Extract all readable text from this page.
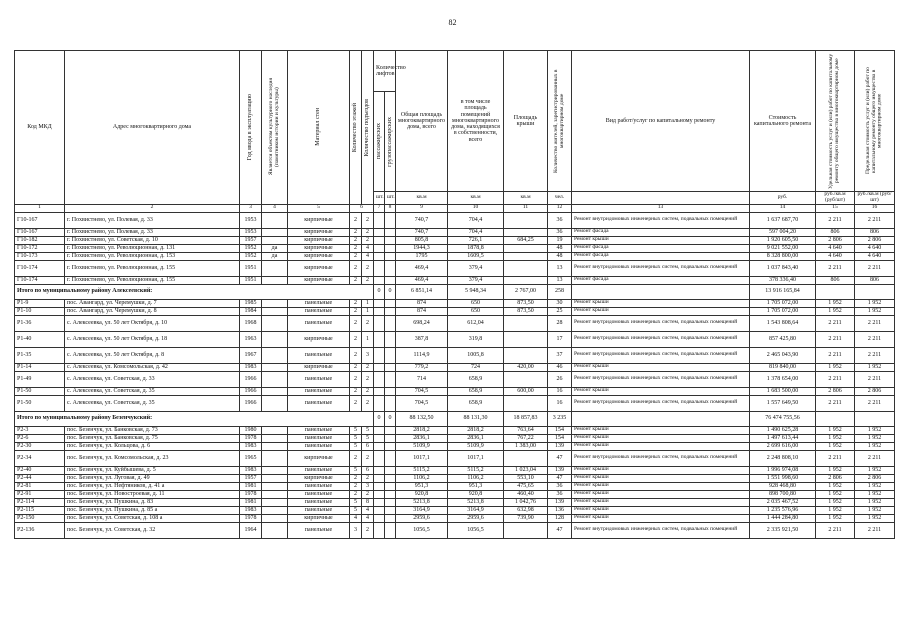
82
Код МКД	Адрес многоквартирного дома	Год ввода в эксплуатацию	Является объектом культурного наследия (памятником истории и культуры)	Материал стен	Количество этажей	Количество подъездов	Количество лифтов		Общая площадь многоквартирного дома, всего	в том числе площадь помещений многоквартирного дома, находящихся в собственности, всего	Площадь крыши	Количество жителей, зарегистрированных в многоквартирном доме	Вид работ/услуг по капитальному ремонту	Стоимость капитального ремонта	Удельная стоимость услуг и (или) работ по капитальному ремонту общего имущества в многоквартирном доме	Предельная стоимость услуг и (или) работ по капитальному ремонту общего имущества в многоквартирном доме

							пассажирских	грузопассажирских								

							шт.	шт.	кв.м	кв.м	кв.м	чел.		руб.	руб./кв.м (руб/шт)	руб./кв.м (руб/шт)
1	2	3	4	5	6		7	8	9	10	11	12	13	14	15	16
Г10-167	г. Похвистнево, ул. Полевая, д. 33	1953		кирпичные	2	2			740,7	704,4		36	Ремонт внутридомовых инженерных систем, подвальных помещений	1 637 687,70	2 211	2 211
Г10-167	г. Похвистнево, ул. Полевая, д. 33	1953		кирпичные	2	2			740,7	704,4		36	Ремонт фасада	597 004,20	806	806
Г10-182	г. Похвистнево, ул. Советская, д. 10	1957		кирпичные	2	2			805,8	726,1	684,25	19	Ремонт крыши	1 920 605,50	2 806	2 806
Г10-172	г. Похвистнево, ул. Революционная, д. 131	1952	да	кирпичные	2	4			1944,3	1878,8		48	Ремонт фасада	9 021 552,00	4 640	4 640
Г10-173	г. Похвистнево, ул. Революционная, д. 153	1952	да	кирпичные	2	4			1795	1609,5		48	Ремонт фасада	8 328 800,00	4 640	4 640
Г10-174	г. Похвистнево, ул. Революционная, д. 155	1951		кирпичные	2	2			469,4	379,4		13	Ремонт внутридомовых инженерных систем, подвальных помещений	1 037 843,40	2 211	2 211
Г10-174	г. Похвистнево, ул. Революционная, д. 155	1951		кирпичные	2	2			469,4	379,4		13	Ремонт фасада	378 336,40	806	806
Итого по муниципальному району Алексеевский:							0	0	6 851,14	5 948,34	2 767,00	258		13 916 165,84		
Р1-9	пос. Авангард, ул. Черемушки, д. 7	1985		панельные	2	1			874	650	873,50	30	Ремонт крыши	1 705 072,00	1 952	1 952
Р1-10	пос. Авангард, ул. Черемушки, д. 8	1984		панельные	2	1			874	650	873,50	25	Ремонт крыши	1 705 072,00	1 952	1 952
Р1-36	с. Алексеевка, ул. 50 лет Октября, д. 10	1968		панельные	2	2			698,24	612,04		28	Ремонт внутридомовых инженерных систем, подвальных помещений	1 543 808,64	2 211	2 211
Р1-40	с. Алексеевка, ул. 50 лет Октября, д. 18	1963		кирпичные	2	1			387,8	319,8		17	Ремонт внутридомовых инженерных систем, подвальных помещений	857 425,80	2 211	2 211
Р1-35	с. Алексеевка, ул. 50 лет Октября, д. 8	1967		панельные	2	3			1114,9	1005,8		37	Ремонт внутридомовых инженерных систем, подвальных помещений	2 465 043,90	2 211	2 211
Р1-14	с. Алексеевка, ул. Комсомольская, д. 42	1983		кирпичные	2	2			779,2	724	420,00	46	Ремонт крыши	819 840,00	1 952	1 952
Р1-49	с. Алексеевка, ул. Советская, д. 33	1966		панельные	2	2			714	658,9		26	Ремонт внутридомовых инженерных систем, подвальных помещений	1 378 654,00	2 211	2 211
Р1-50	с. Алексеевка, ул. Советская, д. 35	1966		панельные	2	2			704,5	658,9	600,00	16	Ремонт крыши	1 683 500,00	2 806	2 806
Р1-50	с. Алексеевка, ул. Советская, д. 35	1966		панельные	2	2			704,5	658,9		16	Ремонт внутридомовых инженерных систем, подвальных помещений	1 557 649,50	2 211	2 211
Итого по муниципальному району Безенчукский:							0	0	88 132,50	88 131,30	18 857,83	3 235		76 474 755,56		
Р2-3	пос. Безенчук, ул. Банковская, д. 73	1980		панельные	5	5			2818,2	2818,2	763,64	154	Ремонт крыши	1 490 625,28	1 952	1 952
Р2-6	пос. Безенчук, ул. Банковская, д. 75	1978		панельные	5	5			2836,1	2836,1	767,22	154	Ремонт крыши	1 497 613,44	1 952	1 952
Р2-30	пос. Безенчук, ул. Кольцова, д. 6	1983		панельные	5	6			5109,9	5109,9	1 383,00	139	Ремонт крыши	2 699 616,00	1 952	1 952
Р2-34	пос. Безенчук, ул. Комсомольская, д. 23	1965		кирпичные	2	2			1017,1	1017,1		47	Ремонт внутридомовых инженерных систем, подвальных помещений	2 248 808,10	2 211	2 211
Р2-40	пос. Безенчук, ул. Куйбышева, д. 5	1983		панельные	5	6			5115,2	5115,2	1 023,04	139	Ремонт крыши	1 996 974,08	1 952	1 952
Р2-44	пос. Безенчук, ул. Луговая, д. 49	1957		кирпичные	2	2			1106,2	1106,2	553,10	47	Ремонт крыши	1 551 998,60	2 806	2 806
Р2-81	пос. Безенчук, ул. Нефтяников, д. 41 а	1981		панельные	2	3			951,3	951,3	475,65	36	Ремонт крыши	928 468,80	1 952	1 952
Р2-91	пос. Безенчук, ул. Новостроевая, д. 11	1978		панельные	2	2			920,8	920,8	460,40	36	Ремонт крыши	898 700,80	1 952	1 952
Р2-114	пос. Безенчук, ул. Пушкина, д. 83	1981		панельные	5	8			5213,8	5213,8	1 042,76	139	Ремонт крыши	2 035 467,52	1 952	1 952
Р2-115	пос. Безенчук, ул. Пушкина, д. 85 а	1983		панельные	5	4			3164,9	3164,9	632,98	136	Ремонт крыши	1 235 576,96	1 952	1 952
Р2-150	пос. Безенчук, ул. Советская, д. 108 а	1978		кирпичные	4	4			2959,6	2959,6	739,90	128	Ремонт крыши	1 444 284,80	1 952	1 952
Р2-136	пос. Безенчук, ул. Советская, д. 32	1964		панельные	3	2			1056,5	1056,5		47	Ремонт внутридомовых инженерных систем, подвальных помещений	2 335 921,50	2 211	2 211
